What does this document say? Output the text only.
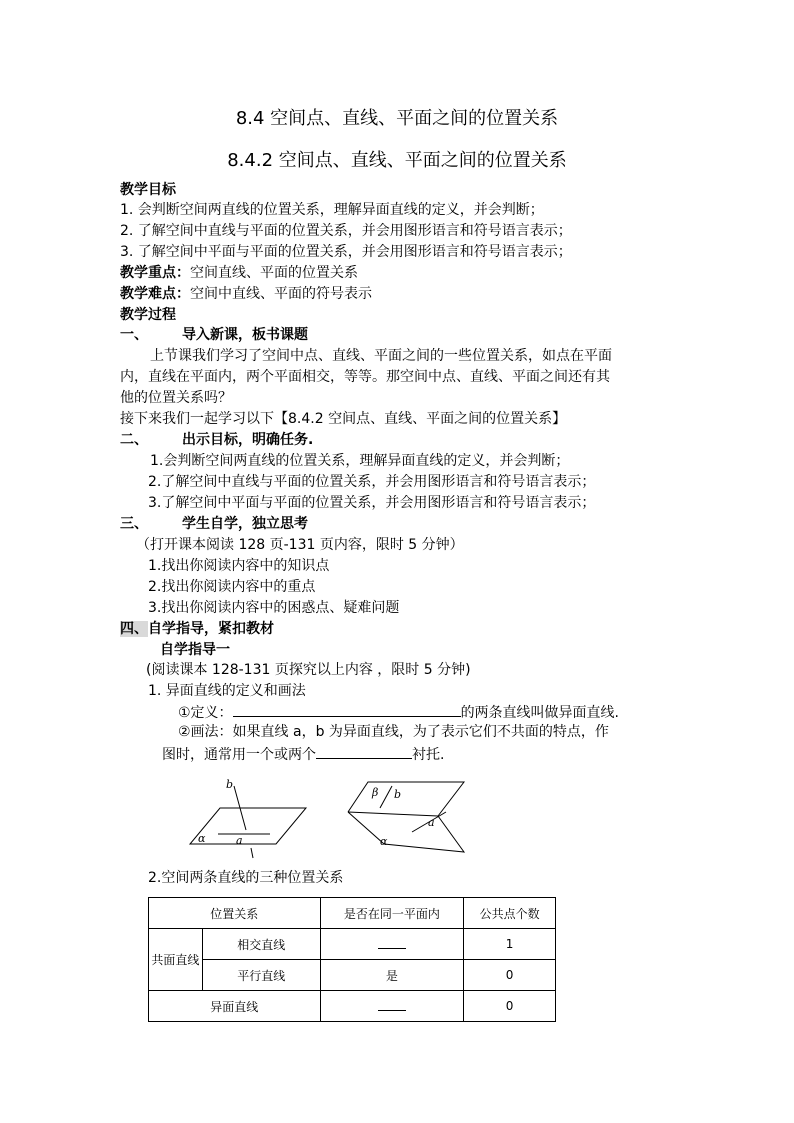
8.4 空间点、直线、平面之间的位置关系
8.4.2 空间点、直线、平面之间的位置关系
教学目标
1. 会判断空间两直线的位置关系，理解异面直线的定义，并会判断；
2. 了解空间中直线与平面的位置关系，并会用图形语言和符号语言表示；
3. 了解空间中平面与平面的位置关系，并会用图形语言和符号语言表示；
教学重点：空间直线、平面的位置关系
教学难点：空间中直线、平面的符号表示
教学过程
一、 导入新课，板书课题
上节课我们学习了空间中点、直线、平面之间的一些位置关系，如点在平面
内，直线在平面内，两个平面相交，等等。那空间中点、直线、平面之间还有其
他的位置关系吗？
接下来我们一起学习以下【8.4.2 空间点、直线、平面之间的位置关系】
二、 出示目标，明确任务.
1.会判断空间两直线的位置关系，理解异面直线的定义，并会判断；
2.了解空间中直线与平面的位置关系，并会用图形语言和符号语言表示；
3.了解空间中平面与平面的位置关系，并会用图形语言和符号语言表示；
三、 学生自学，独立思考
（打开课本阅读 128 页-131 页内容，限时 5 分钟）
1.找出你阅读内容中的知识点
2.找出你阅读内容中的重点
3.找出你阅读内容中的困惑点、疑难问题
四、自学指导，紧扣教材
自学指导一
(阅读课本 128-131 页探究以上内容 ，限时 5 分钟)
1. 异面直线的定义和画法
①定义：	的两条直线叫做异面直线.
②画法：如果直线 a，b 为异面直线，为了表示它们不共面的特点，作
图时，通常用一个或两个	衬托.
b
a
α
β b
a
α
2.空间两条直线的三种位置关系
位置关系		是否在同一平面内	公共点个数
共面直线	相交直线		1
	平行直线	是	0
异面直线			0
